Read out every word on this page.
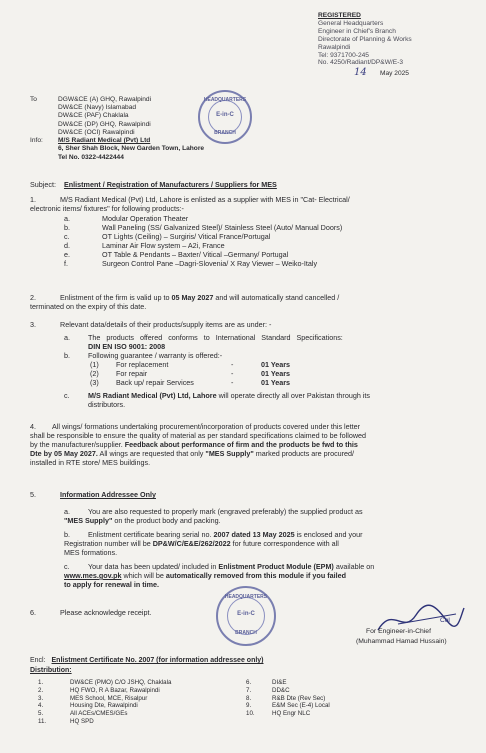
REGISTERED
General Headquarters
Engineer in Chief's Branch
Directorate of Planning & Works
Rawalpindi
Tel: 9371700-245
No. 4250/Radiant/DP&W/E-3
14 May 2025
HEADQUARTERS
E-in-C
BRANCH
To	DGW&CE (A) GHQ, Rawalpindi
DW&CE (Navy) Islamabad
DW&CE (PAF) Chaklala
DW&CE (DP) GHQ, Rawalpindi
DW&CE (OCI) Rawalpindi
Info:	M/S Radiant Medical (Pvt) Ltd
6, Sher Shah Block, New Garden Town, Lahore
Tel No. 0322-4422444
Subject: Enlistment / Registration of Manufacturers / Suppliers for MES
1.	M/S Radiant Medical (Pvt) Ltd, Lahore is enlisted as a supplier with MES in "Cat- Electrical/
electronic items/ fixtures" for following products:-
a.	Modular Operation Theater
b.	Wall Paneling (SS/ Galvanized Steel)/ Stainless Steel (Auto/ Manual Doors)
c.	OT Lights (Ceiling) – Surgiris/ Vitical France/Portugal
d.	Laminar Air Flow system – A2i, France
e.	OT Table & Pendants – Baxter/ Vitical –Germany/ Portugal
f.	Surgeon Control Pane –Dagri-Slovenia/ X Ray Viewer – Weiko-Italy
2.	Enlistment of the firm is valid up to 05 May 2027 and will automatically stand cancelled /
terminated on the expiry of this date.
3.	Relevant data/details of their products/supply items are as under: -
a.	The products offered conforms to International Standard Specifications:
DIN EN ISO 9001: 2008
b.	Following guarantee / warranty is offered:-
(1)	For replacement	-	01 Years
(2)	For repair	-	01 Years
(3)	Back up/ repair Services	-	01 Years
c.	M/S Radiant Medical (Pvt) Ltd, Lahore will operate directly all over Pakistan through its
distributors.
4. All wings/ formations undertaking procurement/incorporation of products covered under this letter
shall be responsible to ensure the quality of material as per standard specifications claimed to be followed
by the manufacturer/supplier. Feedback about performance of firm and the products be fwd to this
Dte by 05 May 2027. All wings are requested that only "MES Supply" marked products are procured/
installed in RTE store/ MES buildings.
5.	Information Addressee Only
a.	You are also requested to properly mark (engraved preferably) the supplied product as
"MES Supply" on the product body and packing.
b.	Enlistment certificate bearing serial no. 2007 dated 13 May 2025 is enclosed and your
Registration number will be DP&W/C/E&E/262/2022 for future correspondence with all
MES formations.
c.	Your data has been updated/ included in Enlistment Product Module (EPM) available on
www.mes.gov.pk which will be automatically removed from this module if you failed
to apply for renewal in time.
6.	Please acknowledge receipt.
HEADQUARTERS
E-in-C
BRANCH
Col
For Engineer-in-Chief
(Muhammad Hamad Hussain)
Encl: Enlistment Certificate No. 2007 (for information addressee only)
Distribution:
1.	DW&CE (PMO) C/O JSHQ, Chaklala
2.	HQ FWO, R A Bazar, Rawalpindi
3.	MES School, MCE, Risalpur
4.	Housing Dte, Rawalpindi
5.	All ACEs/CMES/GEs
11.	HQ SPD
6.	DI&E
7.	DD&C
8.	R&B Dte (Rev Sec)
9.	E&M Sec (E-4) Local
10.	HQ Engr NLC
